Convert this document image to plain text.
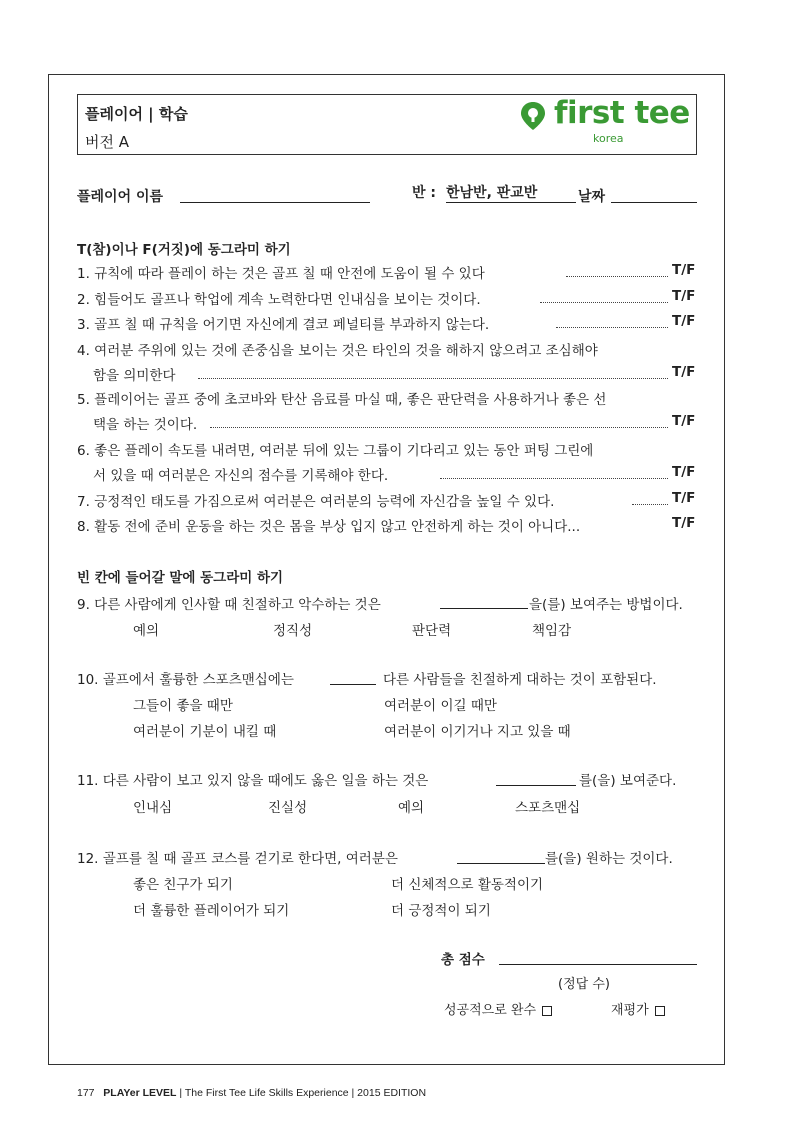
플레이어 | 학습
버전 A
first tee
korea
플레이어 이름	반 : 한남반, 판교반	날짜
T(참)이나 F(거짓)에 동그라미 하기
1. 규칙에 따라 플레이 하는 것은 골프 칠 때 안전에 도움이 될 수 있다	T/F
2. 힘들어도 골프나 학업에 계속 노력한다면 인내심을 보이는 것이다.	T/F
3. 골프 칠 때 규칙을 어기면 자신에게 결코 페널티를 부과하지 않는다.	T/F
4. 여러분 주위에 있는 것에 존중심을 보이는 것은 타인의 것을 해하지 않으려고 조심해야
함을 의미한다	T/F
5. 플레이어는 골프 중에 초코바와 탄산 음료를 마실 때, 좋은 판단력을 사용하거나 좋은 선
택을 하는 것이다.	T/F
6. 좋은 플레이 속도를 내려면, 여러분 뒤에 있는 그룹이 기다리고 있는 동안 퍼팅 그린에
서 있을 때 여러분은 자신의 점수를 기록해야 한다.	T/F
7. 긍정적인 태도를 가짐으로써 여러분은 여러분의 능력에 자신감을 높일 수 있다.	T/F
8. 활동 전에 준비 운동을 하는 것은 몸을 부상 입지 않고 안전하게 하는 것이 아니다...	T/F
빈 칸에 들어갈 말에 동그라미 하기
9. 다른 사람에게 인사할 때 친절하고 악수하는 것은	을(를) 보여주는 방법이다.
예의	정직성	판단력	책임감
10. 골프에서 훌륭한 스포츠맨십에는	다른 사람들을 친절하게 대하는 것이 포함된다.
그들이 좋을 때만	여러분이 이길 때만
여러분이 기분이 내킬 때	여러분이 이기거나 지고 있을 때
11. 다른 사람이 보고 있지 않을 때에도 옳은 일을 하는 것은	를(을) 보여준다.
인내심	진실성	예의	스포츠맨십
12. 골프를 칠 때 골프 코스를 걷기로 한다면, 여러분은	를(을) 원하는 것이다.
좋은 친구가 되기	더 신체적으로 활동적이기
더 훌륭한 플레이어가 되기	더 긍정적이 되기
총 점수
(정답 수)
성공적으로 완수	재평가
177 PLAYer LEVEL | The First Tee Life Skills Experience | 2015 EDITION
